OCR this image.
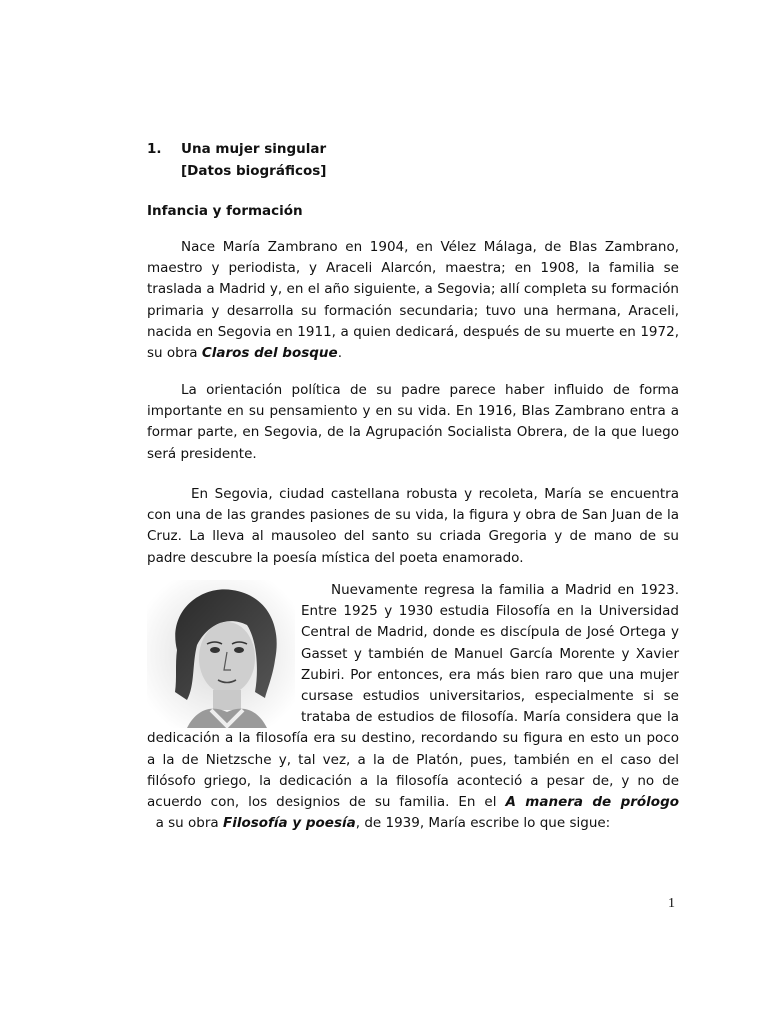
1. Una mujer singular
[Datos biográficos]
Infancia y formación
Nace María Zambrano en 1904, en Vélez Málaga, de Blas Zambrano, maestro y periodista, y Araceli Alarcón, maestra; en 1908, la familia se traslada a Madrid y, en el año siguiente, a Segovia; allí completa su formación primaria y desarrolla su formación secundaria; tuvo una hermana, Araceli, nacida en Segovia en 1911, a quien dedicará, después de su muerte en 1972, su obra Claros del bosque.
La orientación política de su padre parece haber influido de forma importante en su pensamiento y en su vida. En 1916, Blas Zambrano entra a formar parte, en Segovia, de la Agrupación Socialista Obrera, de la que luego será presidente.
En Segovia, ciudad castellana robusta y recoleta, María se encuentra con una de las grandes pasiones de su vida, la figura y obra de San Juan de la Cruz. La lleva al mausoleo del santo su criada Gregoria y de mano de su padre descubre la poesía mística del poeta enamorado.
Nuevamente regresa la familia a Madrid en 1923. Entre 1925 y 1930 estudia Filosofía en la Universidad Central de Madrid, donde es discípula de José Ortega y Gasset y también de Manuel García Morente y Xavier Zubiri. Por entonces, era más bien raro que una mujer cursase estudios universitarios, especialmente si se trataba de estudios de filosofía. María considera que la dedicación a la filosofía era su destino, recordando su figura en esto un poco a la de Nietzsche y, tal vez, a la de Platón, pues, también en el caso del filósofo griego, la dedicación a la filosofía aconteció a pesar de, y no de acuerdo con, los designios de su familia. En el A manera de prólogo  a su obra Filosofía y poesía, de 1939, María escribe lo que sigue:
1
